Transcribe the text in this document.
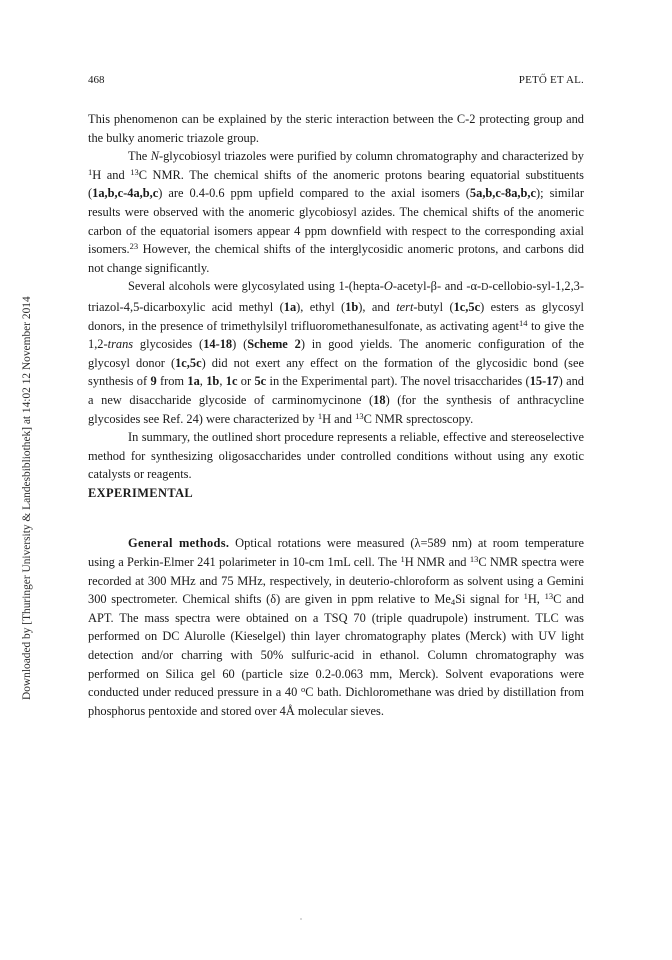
468	PETŐ ET AL.
Downloaded by [Thuringer University & Landesbibliothek] at 14:02 12 November 2014

This phenomenon can be explained by the steric interaction between the C-2 protecting group and the bulky anomeric triazole group.

The N-glycobiosyl triazoles were purified by column chromatography and characterized by $^1$H and $^{13}$C NMR. The chemical shifts of the anomeric protons bearing equatorial substituents (1a,b,c-4a,b,c) are 0.4-0.6 ppm upfield compared to the axial isomers (5a,b,c-8a,b,c); similar results were observed with the anomeric glycobiosyl azides. The chemical shifts of the anomeric carbon of the equatorial isomers appear 4 ppm downfield with respect to the corresponding axial isomers.$^{23}$ However, the chemical shifts of the interglycosidic anomeric protons, and carbons did not change significantly.

Several alcohols were glycosylated using 1-(hepta-O-acetyl-β- and -α-D-cellobio-syl-1,2,3-triazol-4,5-dicarboxylic acid methyl (1a), ethyl (1b), and tert-butyl (1c,5c) esters as glycosyl donors, in the presence of trimethylsilyl trifluoromethanesulfonate, as activating agent$^{14}$ to give the 1,2-trans glycosides (14-18) (Scheme 2) in good yields. The anomeric configuration of the glycosyl donor (1c,5c) did not exert any effect on the formation of the glycosidic bond (see synthesis of 9 from 1a, 1b, 1c or 5c in the Experimental part). The novel trisaccharides (15-17) and a new disaccharide glycoside of carminomycinone (18) (for the synthesis of anthracycline glycosides see Ref. 24) were characterized by $^1$H and $^{13}$C NMR sprectoscopy.

In summary, the outlined short procedure represents a reliable, effective and stereoselective method for synthesizing oligosaccharides under controlled conditions without using any exotic catalysts or reagents.

EXPERIMENTAL

General methods. Optical rotations were measured (λ=589 nm) at room temperature using a Perkin-Elmer 241 polarimeter in 10-cm 1mL cell. The $^1$H NMR and $^{13}$C NMR spectra were recorded at 300 MHz and 75 MHz, respectively, in deuterio-chloroform as solvent using a Gemini 300 spectrometer. Chemical shifts (δ) are given in ppm relative to $Me_4Si$ signal for $^1$H, $^{13}$C and APT. The mass spectra were obtained on a TSQ 70 (triple quadrupole) instrument. TLC was performed on DC Alurolle (Kieselgel) thin layer chromatography plates (Merck) with UV light detection and/or charring with 50% sulfuric-acid in ethanol. Column chromatography was performed on Silica gel 60 (particle size 0.2-0.063 mm, Merck). Solvent evaporations were conducted under reduced pressure in a 40 $^o$C bath. Dichloromethane was dried by distillation from phosphorus pentoxide and stored over 4Å molecular sieves.
